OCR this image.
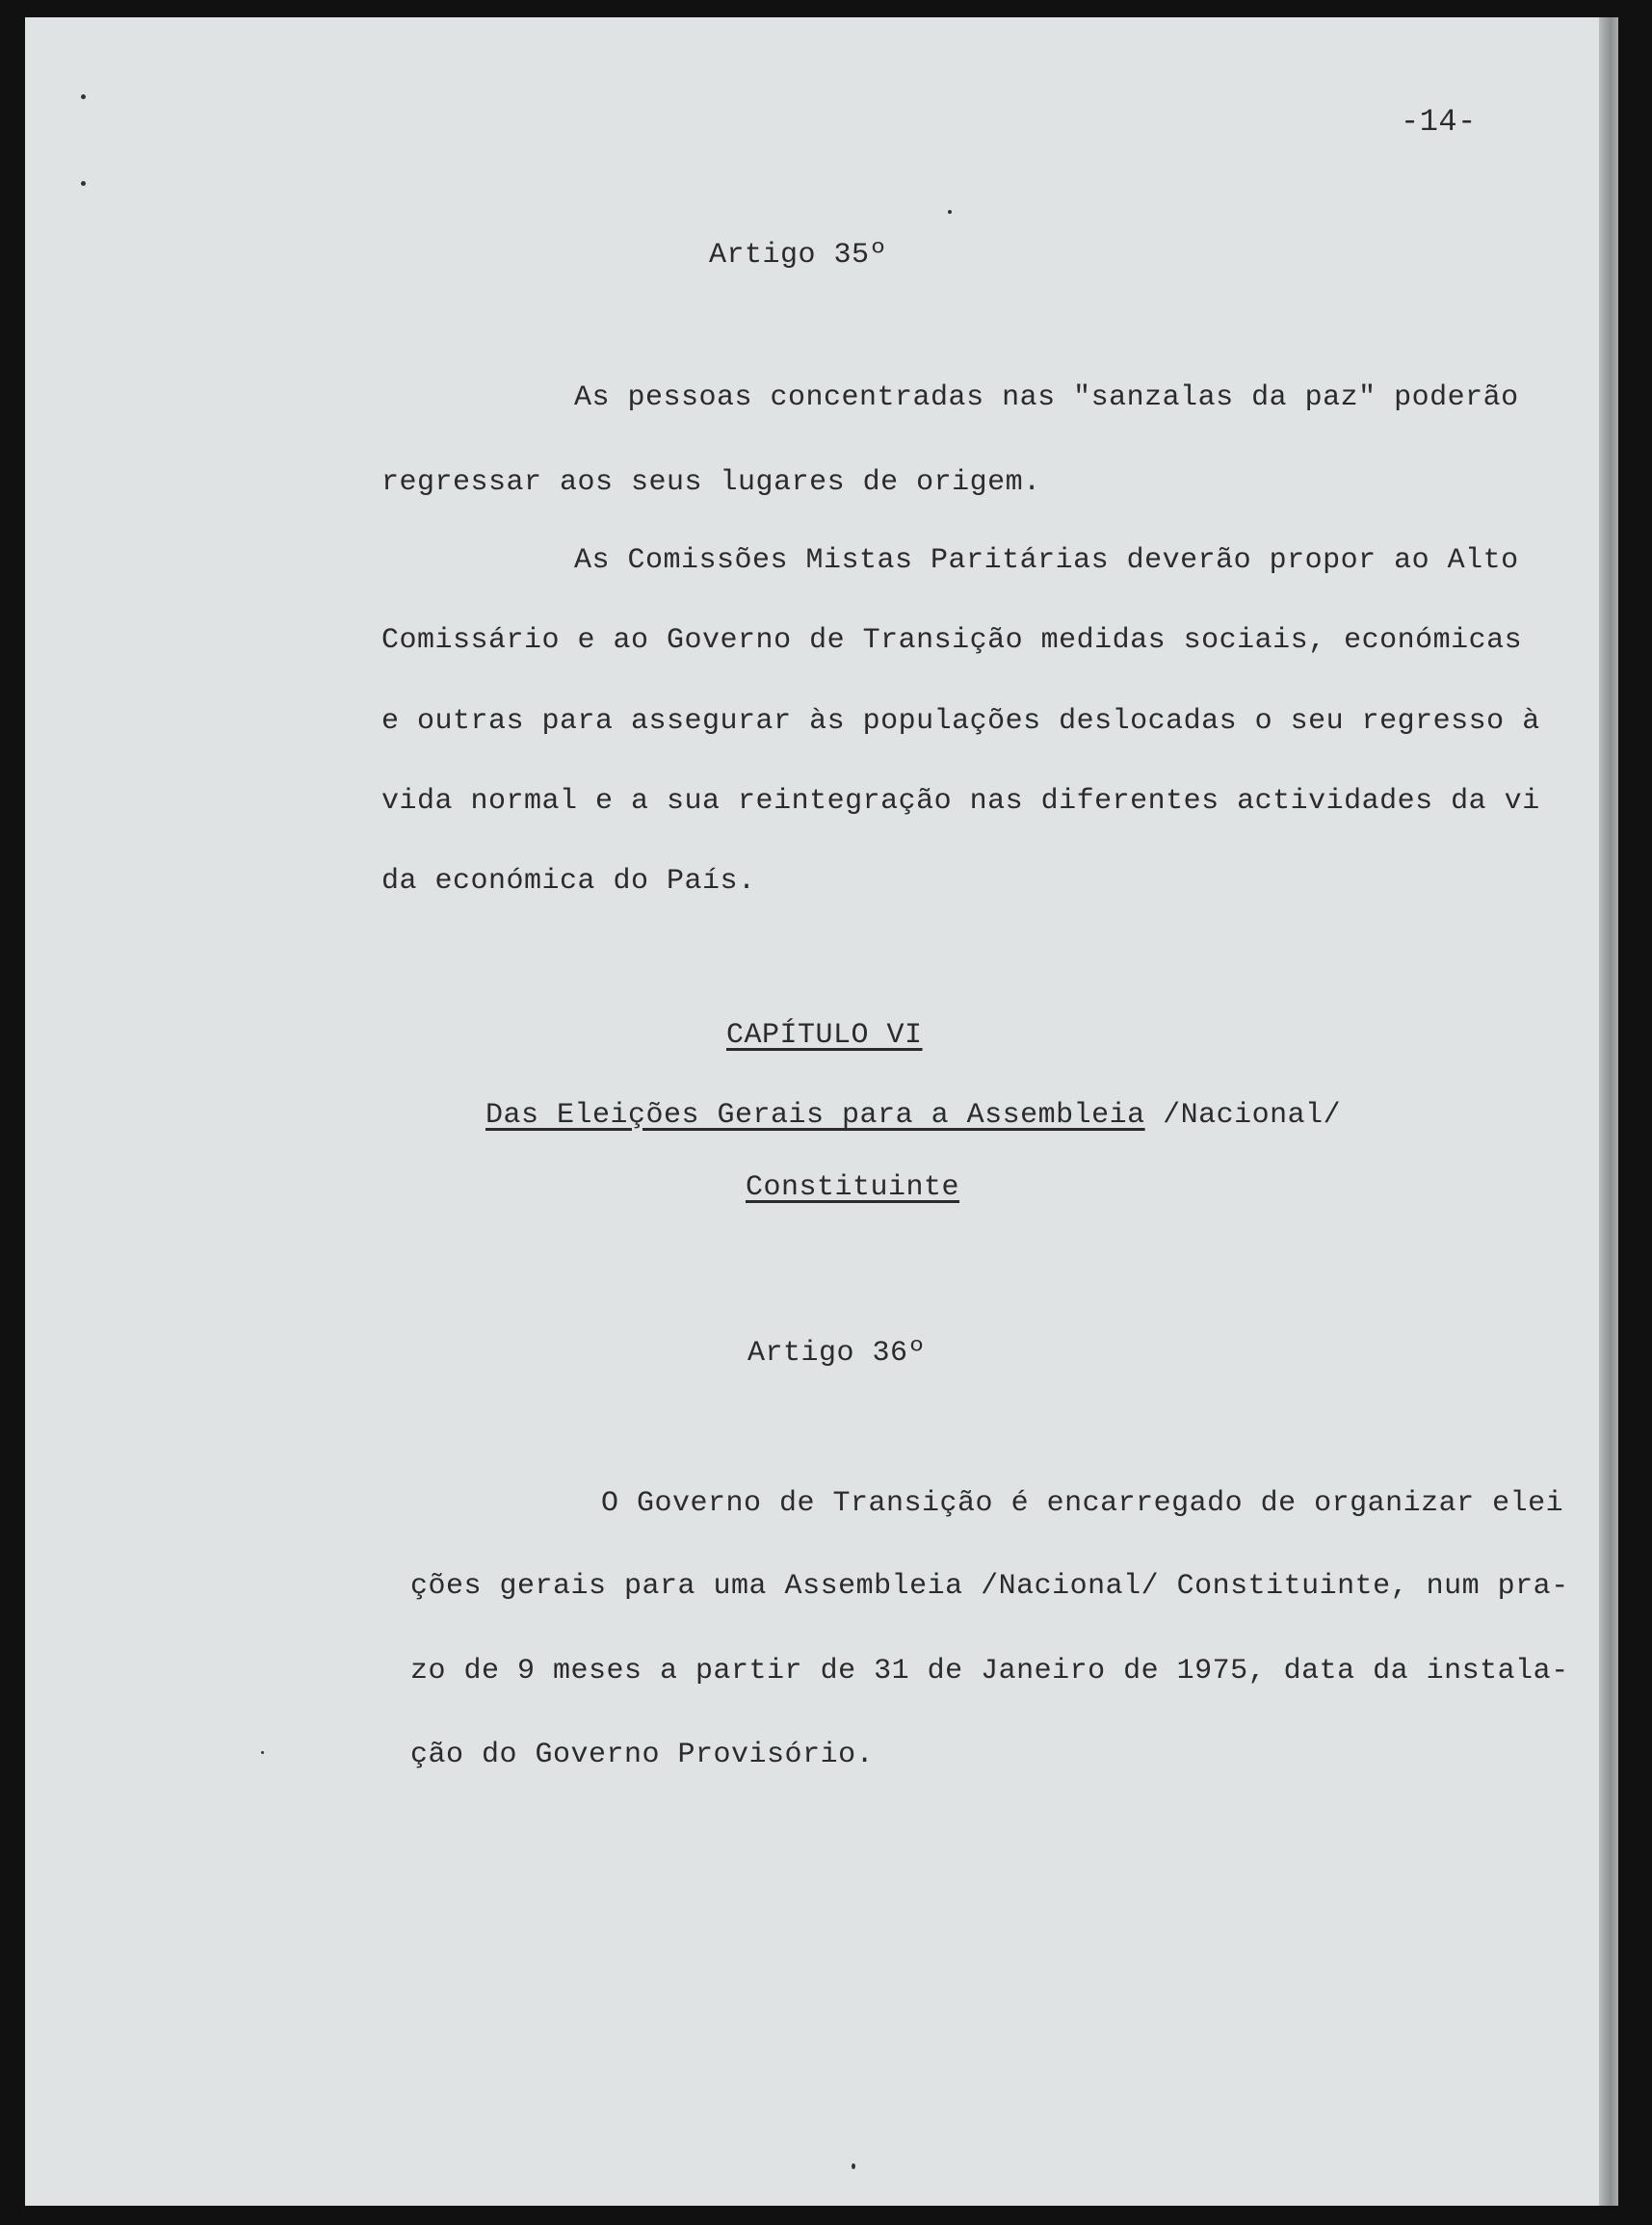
-14-
Artigo 35º
As pessoas concentradas nas "sanzalas da paz" poderão
regressar aos seus lugares de origem.
As Comissões Mistas Paritárias deverão propor ao Alto
Comissário e ao Governo de Transição medidas sociais, económicas
e outras para assegurar às populações deslocadas o seu regresso à
vida normal e a sua reintegração nas diferentes actividades da vi
da económica do País.
CAPÍTULO VI
Das Eleições Gerais para a Assembleia /Nacional/
Constituinte
Artigo 36º
O Governo de Transição é encarregado de organizar elei
ções gerais para uma Assembleia /Nacional/ Constituinte, num pra-
zo de 9 meses a partir de 31 de Janeiro de 1975, data da instala-
ção do Governo Provisório.
